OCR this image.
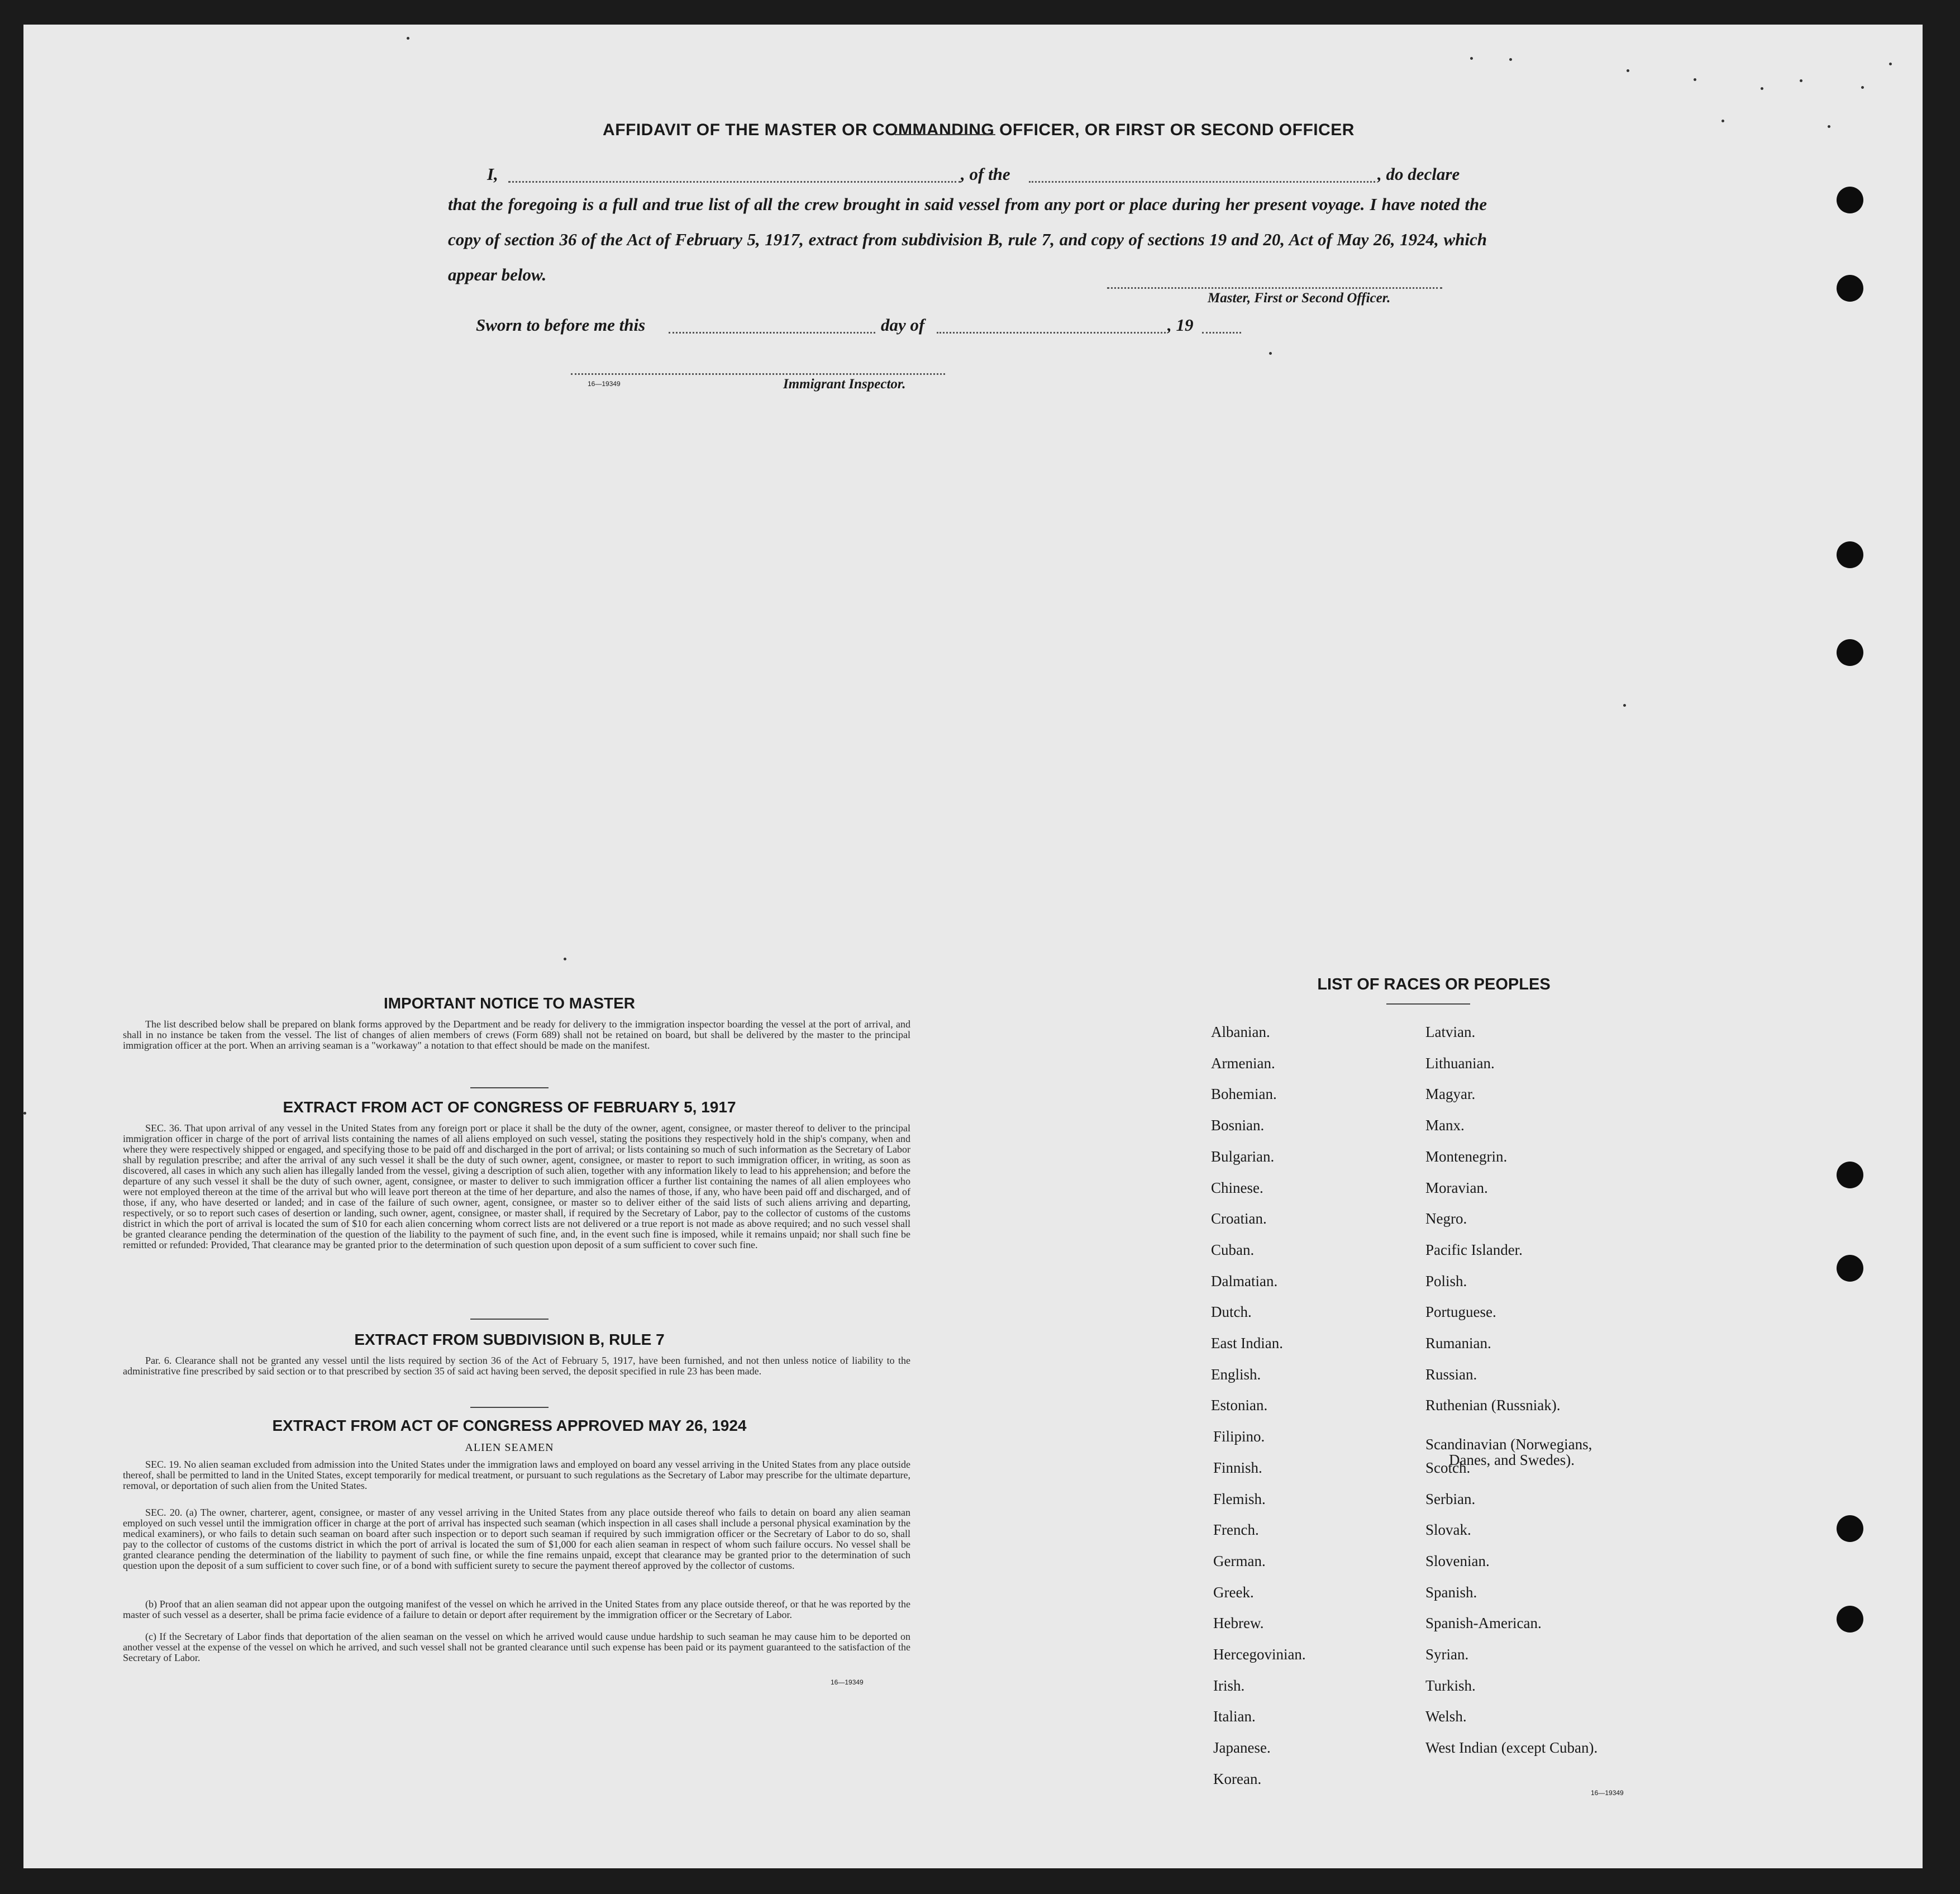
AFFIDAVIT OF THE MASTER OR COMMANDING OFFICER, OR FIRST OR SECOND OFFICER
I,	, of the	, do declare
that the foregoing is a full and true list of all the crew brought in said vessel from any port or place during her present voyage. I have noted the copy of section 36 of the Act of February 5, 1917, extract from subdivision B, rule 7, and copy of sections 19 and 20, Act of May 26, 1924, which appear below.
Master, First or Second Officer.
Sworn to before me this	day of	, 19
16—19349	Immigrant Inspector.
IMPORTANT NOTICE TO MASTER
The list described below shall be prepared on blank forms approved by the Department and be ready for delivery to the immigration inspector boarding the vessel at the port of arrival, and shall in no instance be taken from the vessel. The list of changes of alien members of crews (Form 689) shall not be retained on board, but shall be delivered by the master to the principal immigration officer at the port. When an arriving seaman is a "workaway" a notation to that effect should be made on the manifest.
EXTRACT FROM ACT OF CONGRESS OF FEBRUARY 5, 1917
SEC. 36. That upon arrival of any vessel in the United States from any foreign port or place it shall be the duty of the owner, agent, consignee, or master thereof to deliver to the principal immigration officer in charge of the port of arrival lists containing the names of all aliens employed on such vessel, stating the positions they respectively hold in the ship's company, when and where they were respectively shipped or engaged, and specifying those to be paid off and discharged in the port of arrival; or lists containing so much of such information as the Secretary of Labor shall by regulation prescribe; and after the arrival of any such vessel it shall be the duty of such owner, agent, consignee, or master to report to such immigration officer, in writing, as soon as discovered, all cases in which any such alien has illegally landed from the vessel, giving a description of such alien, together with any information likely to lead to his apprehension; and before the departure of any such vessel it shall be the duty of such owner, agent, consignee, or master to deliver to such immigration officer a further list containing the names of all alien employees who were not employed thereon at the time of the arrival but who will leave port thereon at the time of her departure, and also the names of those, if any, who have been paid off and discharged, and of those, if any, who have deserted or landed; and in case of the failure of such owner, agent, consignee, or master so to deliver either of the said lists of such aliens arriving and departing, respectively, or so to report such cases of desertion or landing, such owner, agent, consignee, or master shall, if required by the Secretary of Labor, pay to the collector of customs of the customs district in which the port of arrival is located the sum of $10 for each alien concerning whom correct lists are not delivered or a true report is not made as above required; and no such vessel shall be granted clearance pending the determination of the question of the liability to the payment of such fine, and, in the event such fine is imposed, while it remains unpaid; nor shall such fine be remitted or refunded: Provided, That clearance may be granted prior to the determination of such question upon deposit of a sum sufficient to cover such fine.
EXTRACT FROM SUBDIVISION B, RULE 7
Par. 6. Clearance shall not be granted any vessel until the lists required by section 36 of the Act of February 5, 1917, have been furnished, and not then unless notice of liability to the administrative fine prescribed by said section or to that prescribed by section 35 of said act having been served, the deposit specified in rule 23 has been made.
EXTRACT FROM ACT OF CONGRESS APPROVED MAY 26, 1924
ALIEN SEAMEN
SEC. 19. No alien seaman excluded from admission into the United States under the immigration laws and employed on board any vessel arriving in the United States from any place outside thereof, shall be permitted to land in the United States, except temporarily for medical treatment, or pursuant to such regulations as the Secretary of Labor may prescribe for the ultimate departure, removal, or deportation of such alien from the United States.
SEC. 20. (a) The owner, charterer, agent, consignee, or master of any vessel arriving in the United States from any place outside thereof who fails to detain on board any alien seaman employed on such vessel until the immigration officer in charge at the port of arrival has inspected such seaman (which inspection in all cases shall include a personal physical examination by the medical examiners), or who fails to detain such seaman on board after such inspection or to deport such seaman if required by such immigration officer or the Secretary of Labor to do so, shall pay to the collector of customs of the customs district in which the port of arrival is located the sum of $1,000 for each alien seaman in respect of whom such failure occurs. No vessel shall be granted clearance pending the determination of the liability to payment of such fine, or while the fine remains unpaid, except that clearance may be granted prior to the determination of such question upon the deposit of a sum sufficient to cover such fine, or of a bond with sufficient surety to secure the payment thereof approved by the collector of customs.
(b) Proof that an alien seaman did not appear upon the outgoing manifest of the vessel on which he arrived in the United States from any place outside thereof, or that he was reported by the master of such vessel as a deserter, shall be prima facie evidence of a failure to detain or deport after requirement by the immigration officer or the Secretary of Labor.
(c) If the Secretary of Labor finds that deportation of the alien seaman on the vessel on which he arrived would cause undue hardship to such seaman he may cause him to be deported on another vessel at the expense of the vessel on which he arrived, and such vessel shall not be granted clearance until such expense has been paid or its payment guaranteed to the satisfaction of the Secretary of Labor.
16—19349
LIST OF RACES OR PEOPLES
16—19349
Albanian.
Armenian.
Bohemian.
Bosnian.
Bulgarian.
Chinese.
Croatian.
Cuban.
Dalmatian.
Dutch.
East Indian.
English.
Estonian.
Filipino.
Finnish.
Flemish.
French.
German.
Greek.
Hebrew.
Hercegovinian.
Irish.
Italian.
Japanese.
Korean.
Latvian.
Lithuanian.
Magyar.
Manx.
Montenegrin.
Moravian.
Negro.
Pacific Islander.
Polish.
Portuguese.
Rumanian.
Russian.
Ruthenian (Russniak).
Scandinavian (Norwegians,
Danes, and Swedes).
Scotch.
Serbian.
Slovak.
Slovenian.
Spanish.
Spanish-American.
Syrian.
Turkish.
Welsh.
West Indian (except Cuban).
